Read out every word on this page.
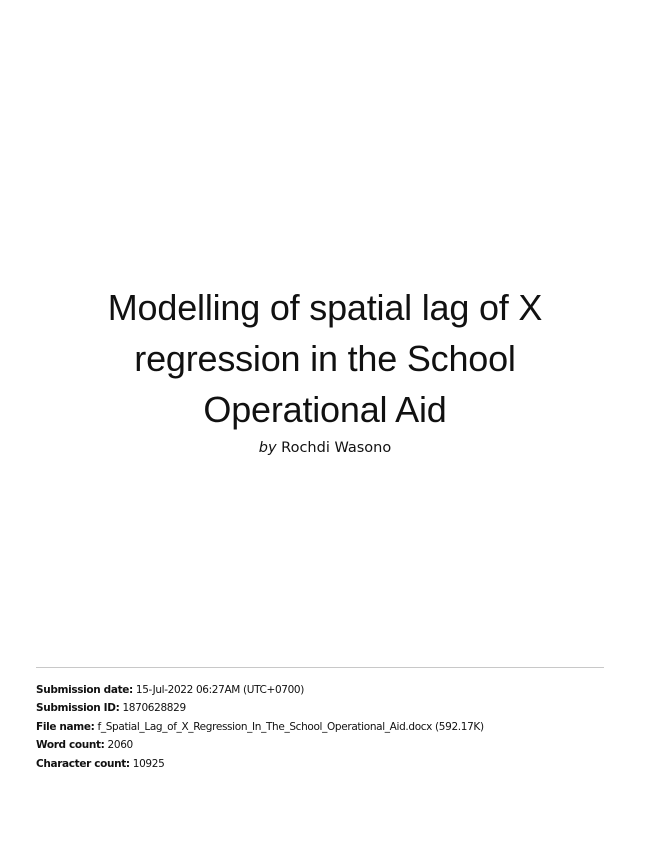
Modelling of spatial lag of X regression in the School Operational Aid
by Rochdi Wasono
Submission date: 15-Jul-2022 06:27AM (UTC+0700)
Submission ID: 1870628829
File name: f_Spatial_Lag_of_X_Regression_In_The_School_Operational_Aid.docx (592.17K)
Word count: 2060
Character count: 10925
